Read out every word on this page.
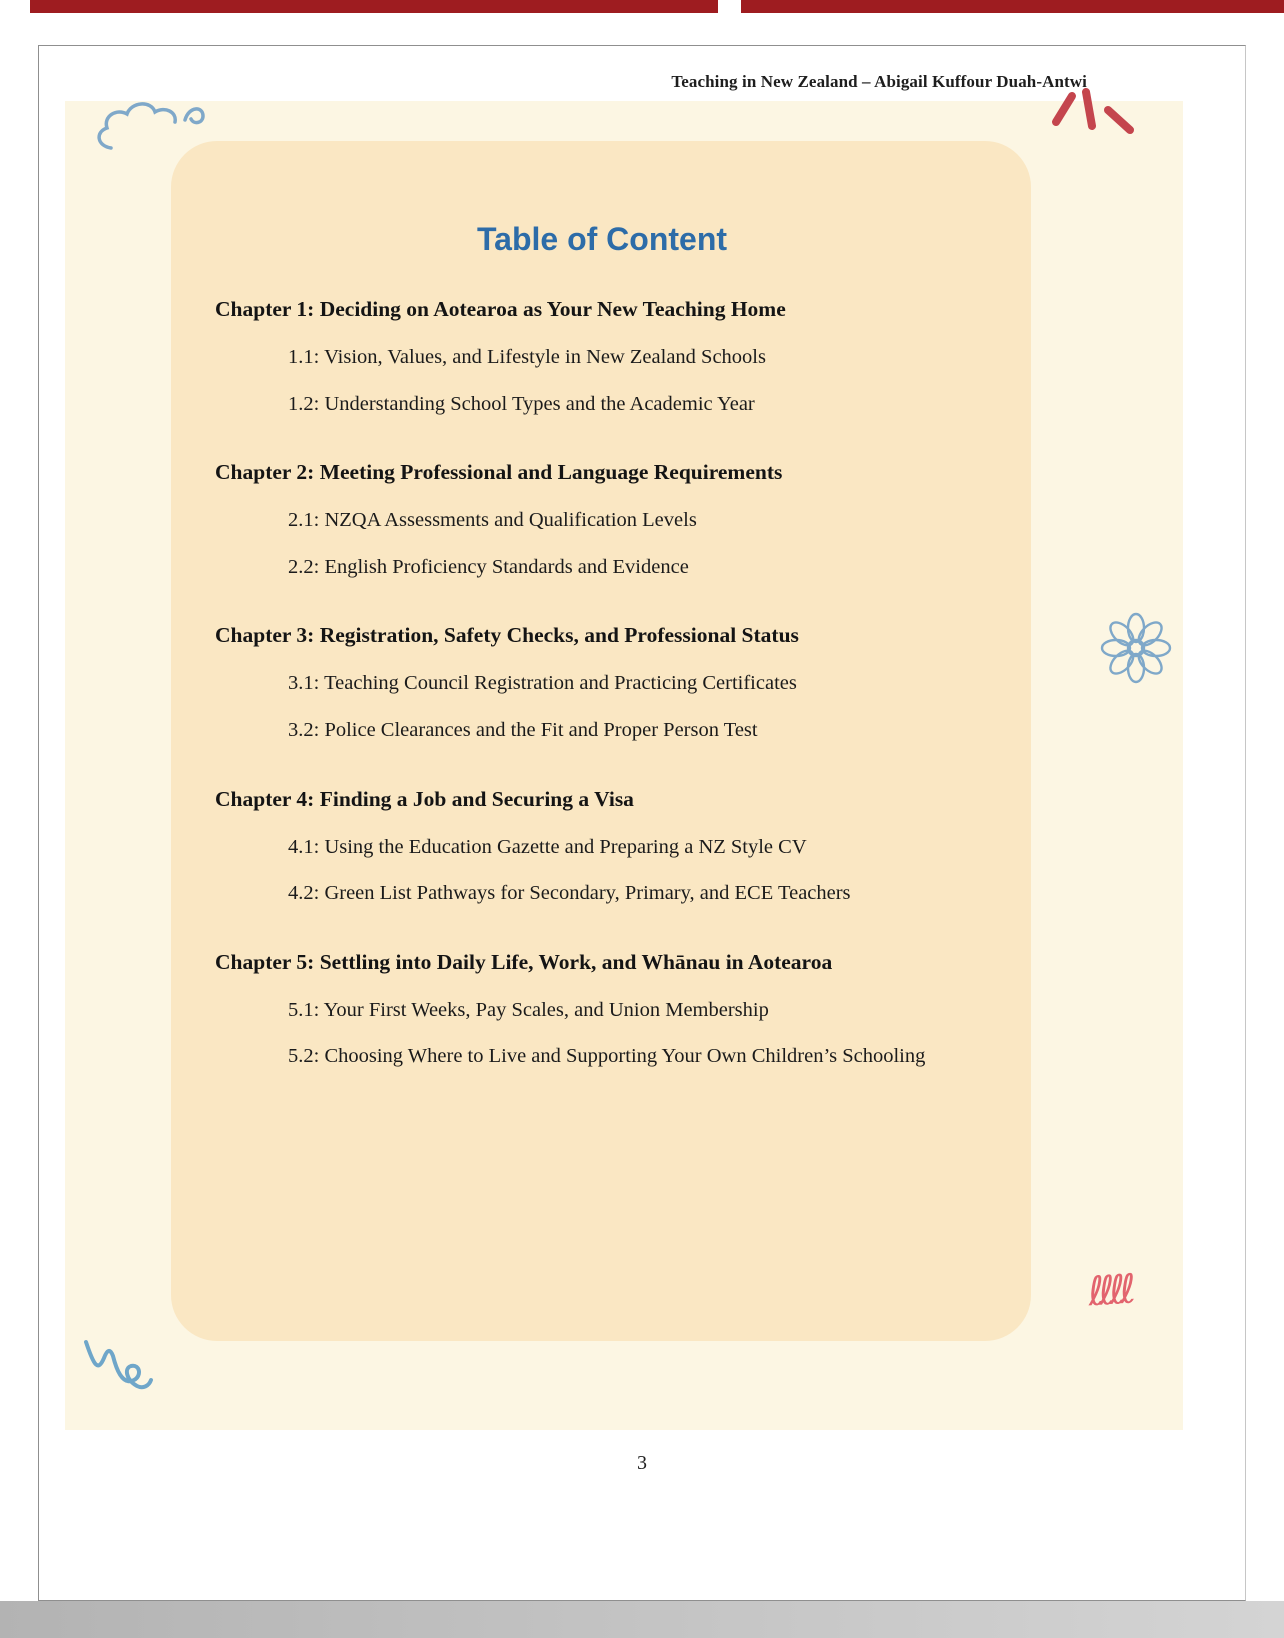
Teaching in New Zealand – Abigail Kuffour Duah-Antwi
Table of Content
Chapter 1: Deciding on Aotearoa as Your New Teaching Home
1.1: Vision, Values, and Lifestyle in New Zealand Schools
1.2: Understanding School Types and the Academic Year
Chapter 2: Meeting Professional and Language Requirements
2.1: NZQA Assessments and Qualification Levels
2.2: English Proficiency Standards and Evidence
Chapter 3: Registration, Safety Checks, and Professional Status
3.1: Teaching Council Registration and Practicing Certificates
3.2: Police Clearances and the Fit and Proper Person Test
Chapter 4: Finding a Job and Securing a Visa
4.1: Using the Education Gazette and Preparing a NZ Style CV
4.2: Green List Pathways for Secondary, Primary, and ECE Teachers
Chapter 5: Settling into Daily Life, Work, and Whānau in Aotearoa
5.1: Your First Weeks, Pay Scales, and Union Membership
5.2: Choosing Where to Live and Supporting Your Own Children’s Schooling
3
ℓℓℓℓ
